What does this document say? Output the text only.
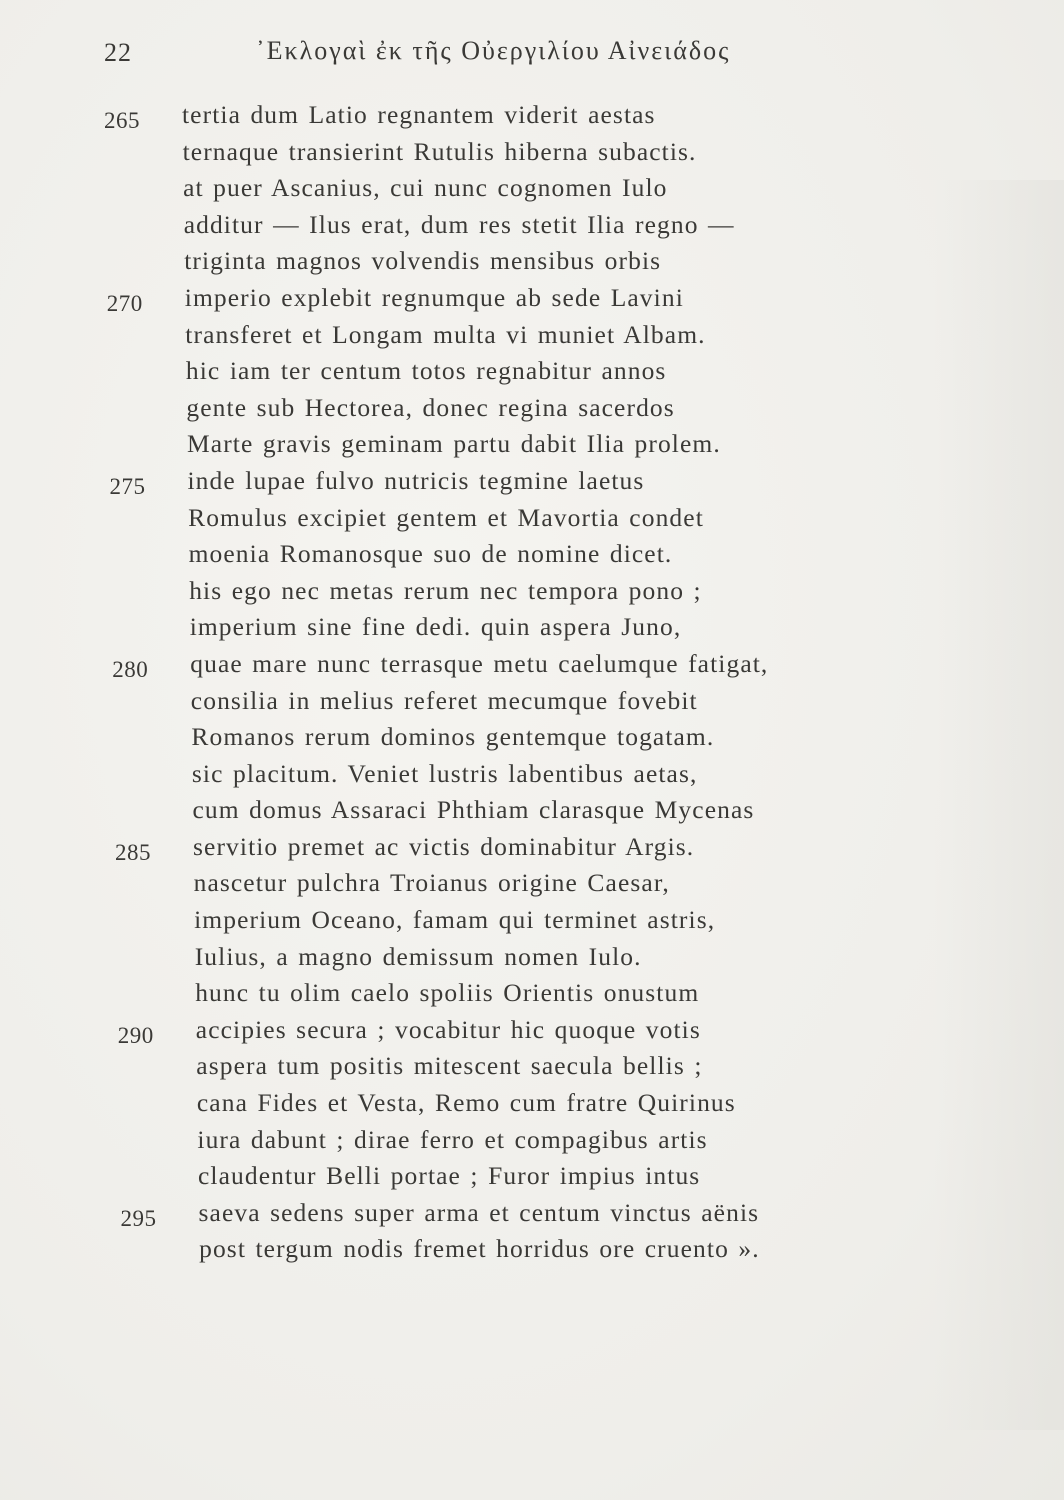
22	᾿Εκλογαὶ ἐκ τῆς Οὐεργιλίου Αἰνειάδος
265 tertia dum Latio regnantem viderit aestas
ternaque transierint Rutulis hiberna subactis.
at puer Ascanius, cui nunc cognomen Iulo
additur — Ilus erat, dum res stetit Ilia regno —
triginta magnos volvendis mensibus orbis
270 imperio explebit regnumque ab sede Lavini
transferet et Longam multa vi muniet Albam.
hic iam ter centum totos regnabitur annos
gente sub Hectorea, donec regina sacerdos
Marte gravis geminam partu dabit Ilia prolem.
275 inde lupae fulvo nutricis tegmine laetus
Romulus excipiet gentem et Mavortia condet
moenia Romanosque suo de nomine dicet.
his ego nec metas rerum nec tempora pono ;
imperium sine fine dedi. quin aspera Juno,
280 quae mare nunc terrasque metu caelumque fatigat,
consilia in melius referet mecumque fovebit
Romanos rerum dominos gentemque togatam.
sic placitum. Veniet lustris labentibus aetas,
cum domus Assaraci Phthiam clarasque Mycenas
285 servitio premet ac victis dominabitur Argis.
nascetur pulchra Troianus origine Caesar,
imperium Oceano, famam qui terminet astris,
Iulius, a magno demissum nomen Iulo.
hunc tu olim caelo spoliis Orientis onustum
290 accipies secura ; vocabitur hic quoque votis
aspera tum positis mitescent saecula bellis ;
cana Fides et Vesta, Remo cum fratre Quirinus
iura dabunt ; dirae ferro et compagibus artis
claudentur Belli portae ; Furor impius intus
295 saeva sedens super arma et centum vinctus aënis
post tergum nodis fremet horridus ore cruento ».
